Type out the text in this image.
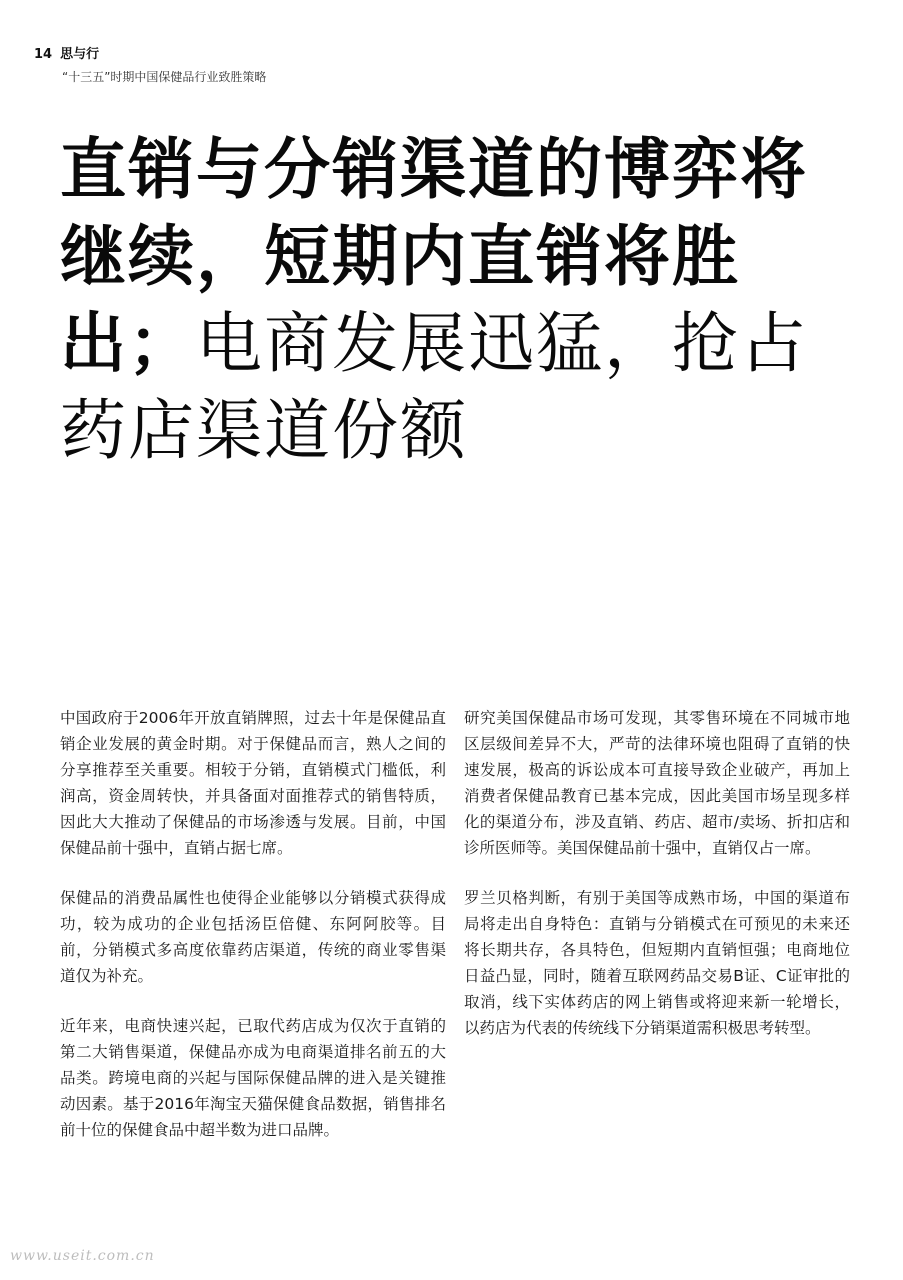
14 思与行
“十三五”时期中国保健品行业致胜策略
直销与分销渠道的博弈将继续，短期内直销将胜出；电商发展迅猛，抢占药店渠道份额

中国政府于2006年开放直销牌照，过去十年是保健品直销企业发展的黄金时期。对于保健品而言，熟人之间的分享推荐至关重要。相较于分销，直销模式门槛低，利润高，资金周转快，并具备面对面推荐式的销售特质，因此大大推动了保健品的市场渗透与发展。目前，中国保健品前十强中，直销占据七席。

保健品的消费品属性也使得企业能够以分销模式获得成功，较为成功的企业包括汤臣倍健、东阿阿胶等。目前，分销模式多高度依靠药店渠道，传统的商业零售渠道仅为补充。

近年来，电商快速兴起，已取代药店成为仅次于直销的第二大销售渠道，保健品亦成为电商渠道排名前五的大品类。跨境电商的兴起与国际保健品牌的进入是关键推动因素。基于2016年淘宝天猫保健食品数据，销售排名前十位的保健食品中超半数为进口品牌。

研究美国保健品市场可发现，其零售环境在不同城市地区层级间差异不大，严苛的法律环境也阻碍了直销的快速发展，极高的诉讼成本可直接导致企业破产，再加上消费者保健品教育已基本完成，因此美国市场呈现多样化的渠道分布，涉及直销、药店、超市/卖场、折扣店和诊所医师等。美国保健品前十强中，直销仅占一席。

罗兰贝格判断，有别于美国等成熟市场，中国的渠道布局将走出自身特色：直销与分销模式在可预见的未来还将长期共存，各具特色，但短期内直销恒强；电商地位日益凸显，同时，随着互联网药品交易B证、C证审批的取消，线下实体药店的网上销售或将迎来新一轮增长，以药店为代表的传统线下分销渠道需积极思考转型。

www.useit.com.cn
